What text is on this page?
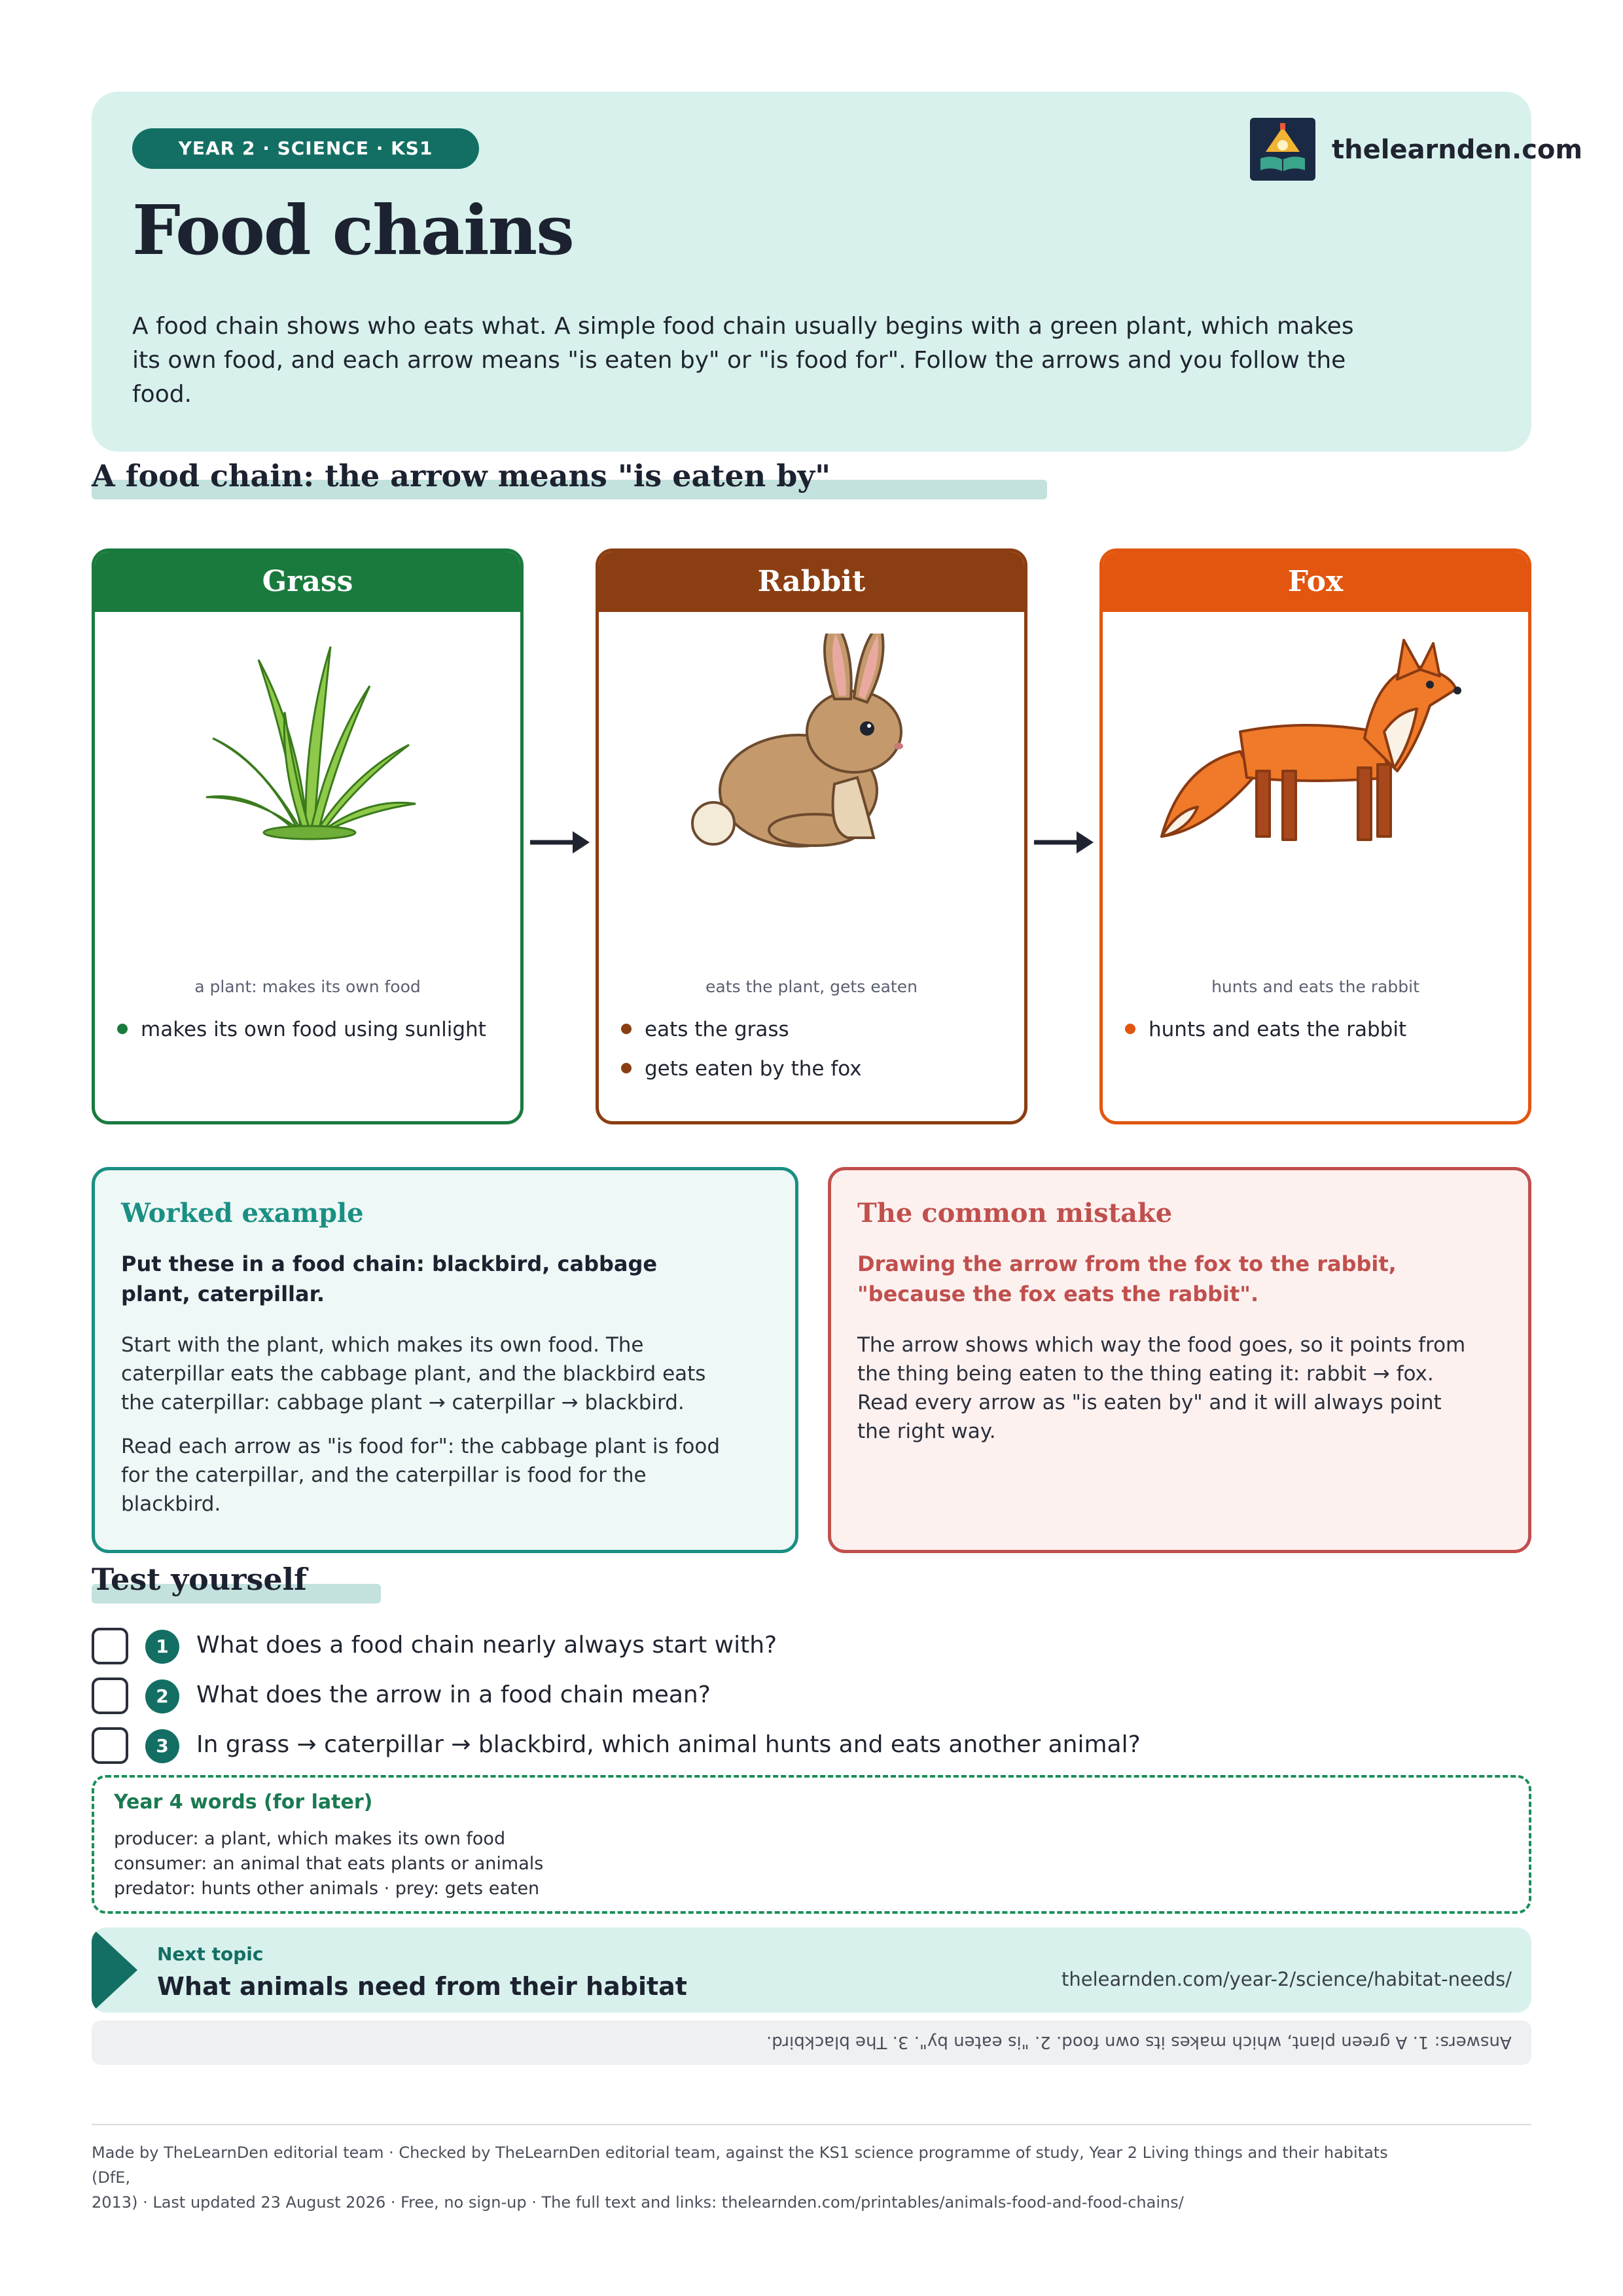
YEAR 2 · SCIENCE · KS1
Food chains
A food chain shows who eats what. A simple food chain usually begins with a green plant, which makes its own food, and each arrow means "is eaten by" or "is food for". Follow the arrows and you follow the food.
thelearnden.com
A food chain: the arrow means "is eaten by"
Grass
a plant: makes its own food
makes its own food using sunlight
Rabbit
eats the plant, gets eaten
eats the grass
gets eaten by the fox
Fox
hunts and eats the rabbit
hunts and eats the rabbit
Worked example
Put these in a food chain: blackbird, cabbage plant, caterpillar.
Start with the plant, which makes its own food. The caterpillar eats the cabbage plant, and the blackbird eats the caterpillar: cabbage plant → caterpillar → blackbird.
Read each arrow as "is food for": the cabbage plant is food for the caterpillar, and the caterpillar is food for the blackbird.
The common mistake
Drawing the arrow from the fox to the rabbit, "because the fox eats the rabbit".
The arrow shows which way the food goes, so it points from the thing being eaten to the thing eating it: rabbit → fox. Read every arrow as "is eaten by" and it will always point the right way.
Test yourself
1	What does a food chain nearly always start with?
2	What does the arrow in a food chain mean?
3	In grass → caterpillar → blackbird, which animal hunts and eats another animal?
Year 4 words (for later)
producer: a plant, which makes its own food
consumer: an animal that eats plants or animals
predator: hunts other animals · prey: gets eaten
Next topic
What animals need from their habitat	thelearnden.com/year-2/science/habitat-needs/
Answers: 1. A green plant, which makes its own food. 2. "is eaten by". 3. The blackbird.
Made by TheLearnDen editorial team · Checked by TheLearnDen editorial team, against the KS1 science programme of study, Year 2 Living things and their habitats (DfE,
2013) · Last updated 23 August 2026 · Free, no sign-up · The full text and links: thelearnden.com/printables/animals-food-and-food-chains/
